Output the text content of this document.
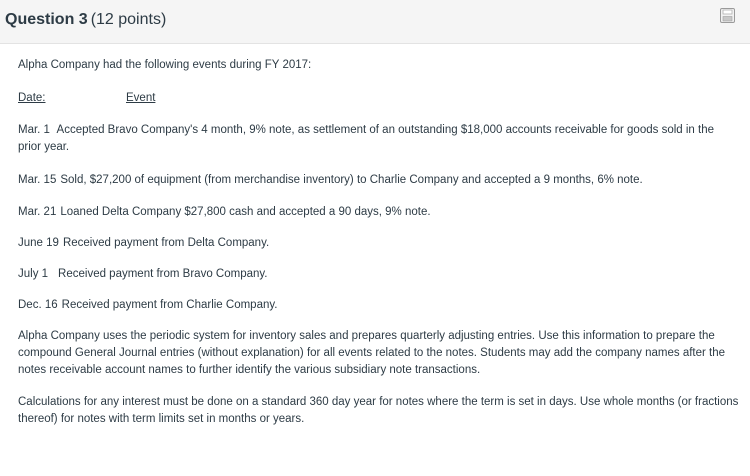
Question 3 (12 points)

Alpha Company had the following events during FY 2017:

Date:	Event

Mar. 1 Accepted Bravo Company's 4 month, 9% note, as settlement of an outstanding $18,000 accounts receivable for goods sold in the prior year.

Mar. 15 Sold, $27,200 of equipment (from merchandise inventory) to Charlie Company and accepted a 9 months, 6% note.

Mar. 21 Loaned Delta Company $27,800 cash and accepted a 90 days, 9% note.

June 19 Received payment from Delta Company.

July 1 Received payment from Bravo Company.

Dec. 16 Received payment from Charlie Company.

Alpha Company uses the periodic system for inventory sales and prepares quarterly adjusting entries. Use this information to prepare the compound General Journal entries (without explanation) for all events related to the notes. Students may add the company names after the notes receivable account names to further identify the various subsidiary note transactions.

Calculations for any interest must be done on a standard 360 day year for notes where the term is set in days. Use whole months (or fractions thereof) for notes with term limits set in months or years.
